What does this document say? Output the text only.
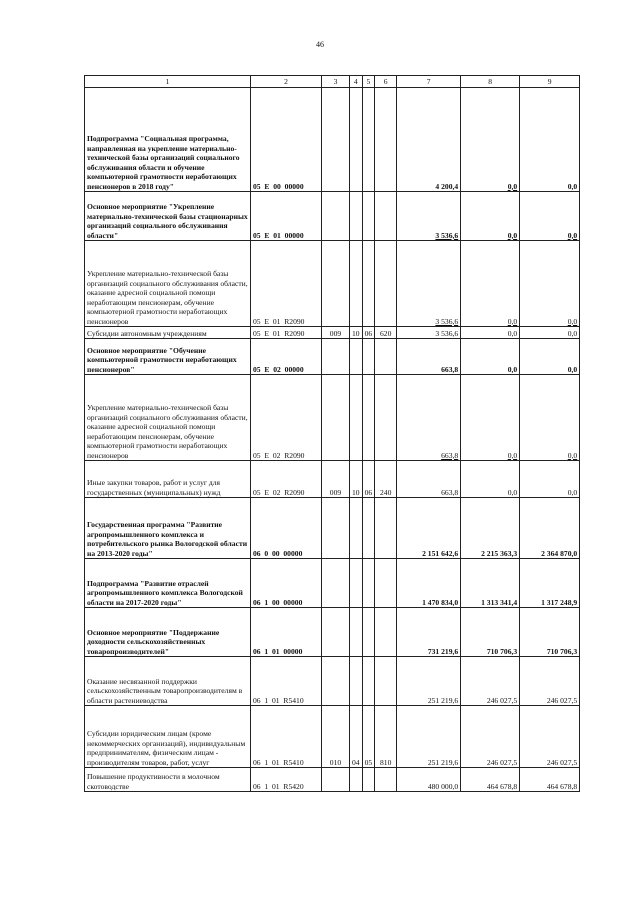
46
1	2	3	4	5	6	7	8	9
Подпрограмма "Социальная программа, направленная на укрепление материально-технической базы организаций социального обслуживания области и обучение компьютерной грамотности неработающих пенсионеров в 2018 году"	05  E  00  00000					4 200,4	0,0	0,0
Основное мероприятие "Укрепление материально-технической базы стационарных организаций социального обслуживания области"	05  E  01  00000					3 536,6	0,0	0,0
Укрепление материально-технической базы организаций социального обслуживания области, оказание адресной социальной помощи неработающим пенсионерам, обучение компьютерной грамотности неработающих пенсионеров	05  E  01  R2090					3 536,6	0,0	0,0
Субсидии автономным учреждениям	05  E  01  R2090	009	10	06	620	3 536,6	0,0	0,0
Основное мероприятие "Обучение компьютерной грамотности неработающих пенсионеров"	05  E  02  00000					663,8	0,0	0,0
Укрепление материально-технической базы организаций социального обслуживания области, оказание адресной социальной помощи неработающим пенсионерам, обучение компьютерной грамотности неработающих пенсионеров	05  E  02  R2090					663,8	0,0	0,0
Иные закупки товаров, работ и услуг для государственных (муниципальных) нужд	05  E  02  R2090	009	10	06	240	663,8	0,0	0,0
Государственная программа "Развитие агропромышленного комплекса и потребительского рынка Вологодской области на 2013-2020 годы"	06  0  00  00000					2 151 642,6	2 215 363,3	2 364 870,0
Подпрограмма "Развитие отраслей агропромышленного комплекса Вологодской области на 2017-2020 годы"	06  1  00  00000					1 470 834,0	1 313 341,4	1 317 248,9
Основное мероприятие "Поддержание доходности сельскохозяйственных товаропроизводителей"	06  1  01  00000					731 219,6	710 706,3	710 706,3
Оказание несвязанной поддержки сельскохозяйственным товаропроизводителям в области растениеводства	06  1  01  R5410					251 219,6	246 027,5	246 027,5
Субсидии юридическим лицам (кроме некоммерческих организаций), индивидуальным предпринимателям, физическим лицам - производителям товаров, работ, услуг	06  1  01  R5410	010	04	05	810	251 219,6	246 027,5	246 027,5
Повышение продуктивности в молочном скотоводстве	06  1  01  R5420					480 000,0	464 678,8	464 678,8
